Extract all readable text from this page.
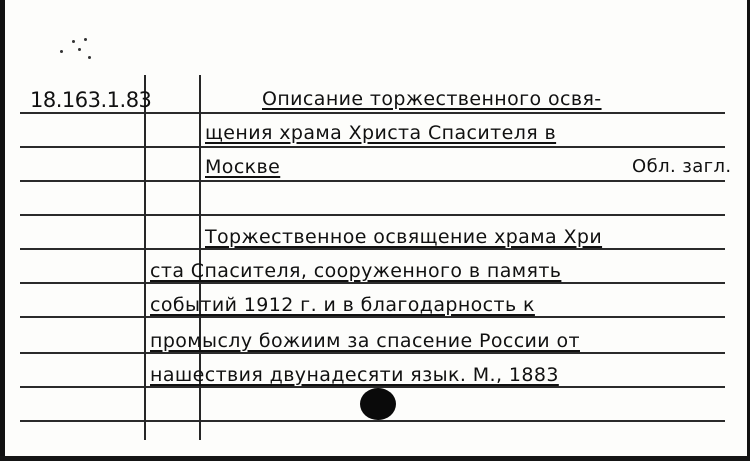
18.163.1.83	Описание торжественного освя-
щения храма Христа Спасителя в
Москве	Обл. загл.
Торжественное освящение храма Хри
ста Спасителя, сооруженного в память
событий 1912 г. и в благодарность к
промыслу божиим за спасение России от
нашествия двунадесяти язык. М., 1883
